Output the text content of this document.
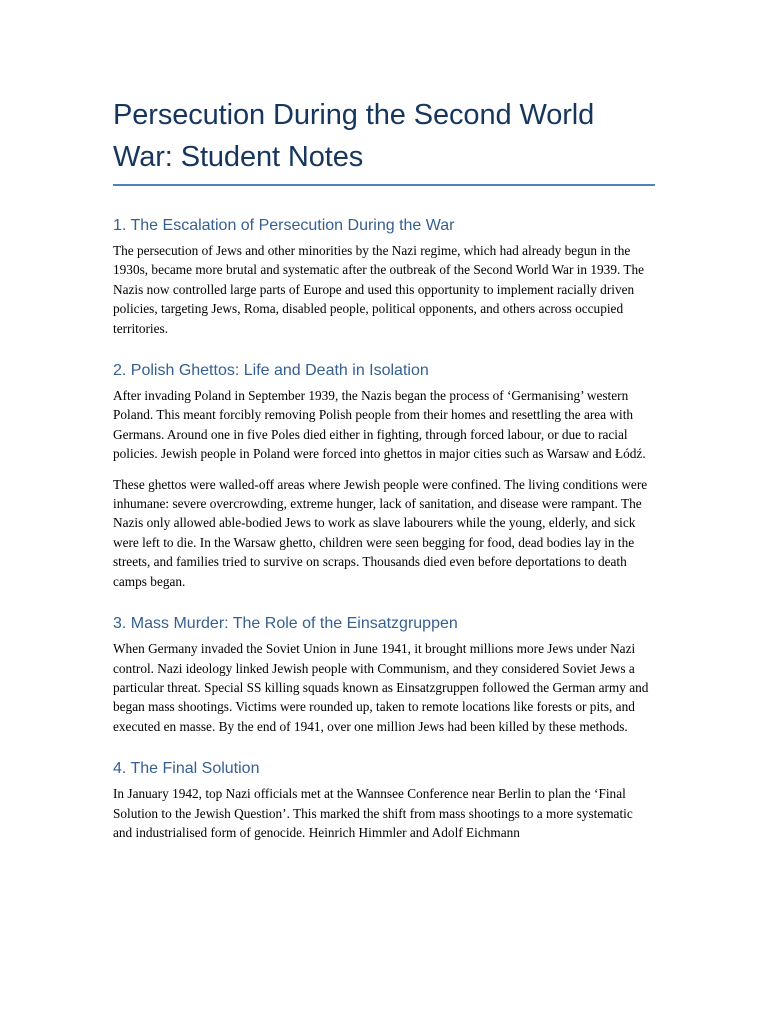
Persecution During the Second World War: Student Notes
1. The Escalation of Persecution During the War

The persecution of Jews and other minorities by the Nazi regime, which had already begun in the 1930s, became more brutal and systematic after the outbreak of the Second World War in 1939. The Nazis now controlled large parts of Europe and used this opportunity to implement racially driven policies, targeting Jews, Roma, disabled people, political opponents, and others across occupied territories.

2. Polish Ghettos: Life and Death in Isolation

After invading Poland in September 1939, the Nazis began the process of ‘Germanising’ western Poland. This meant forcibly removing Polish people from their homes and resettling the area with Germans. Around one in five Poles died either in fighting, through forced labour, or due to racial policies. Jewish people in Poland were forced into ghettos in major cities such as Warsaw and Łódź.

These ghettos were walled-off areas where Jewish people were confined. The living conditions were inhumane: severe overcrowding, extreme hunger, lack of sanitation, and disease were rampant. The Nazis only allowed able-bodied Jews to work as slave labourers while the young, elderly, and sick were left to die. In the Warsaw ghetto, children were seen begging for food, dead bodies lay in the streets, and families tried to survive on scraps. Thousands died even before deportations to death camps began.

3. Mass Murder: The Role of the Einsatzgruppen

When Germany invaded the Soviet Union in June 1941, it brought millions more Jews under Nazi control. Nazi ideology linked Jewish people with Communism, and they considered Soviet Jews a particular threat. Special SS killing squads known as Einsatzgruppen followed the German army and began mass shootings. Victims were rounded up, taken to remote locations like forests or pits, and executed en masse. By the end of 1941, over one million Jews had been killed by these methods.

4. The Final Solution

In January 1942, top Nazi officials met at the Wannsee Conference near Berlin to plan the ‘Final Solution to the Jewish Question’. This marked the shift from mass shootings to a more systematic and industrialised form of genocide. Heinrich Himmler and Adolf Eichmann
